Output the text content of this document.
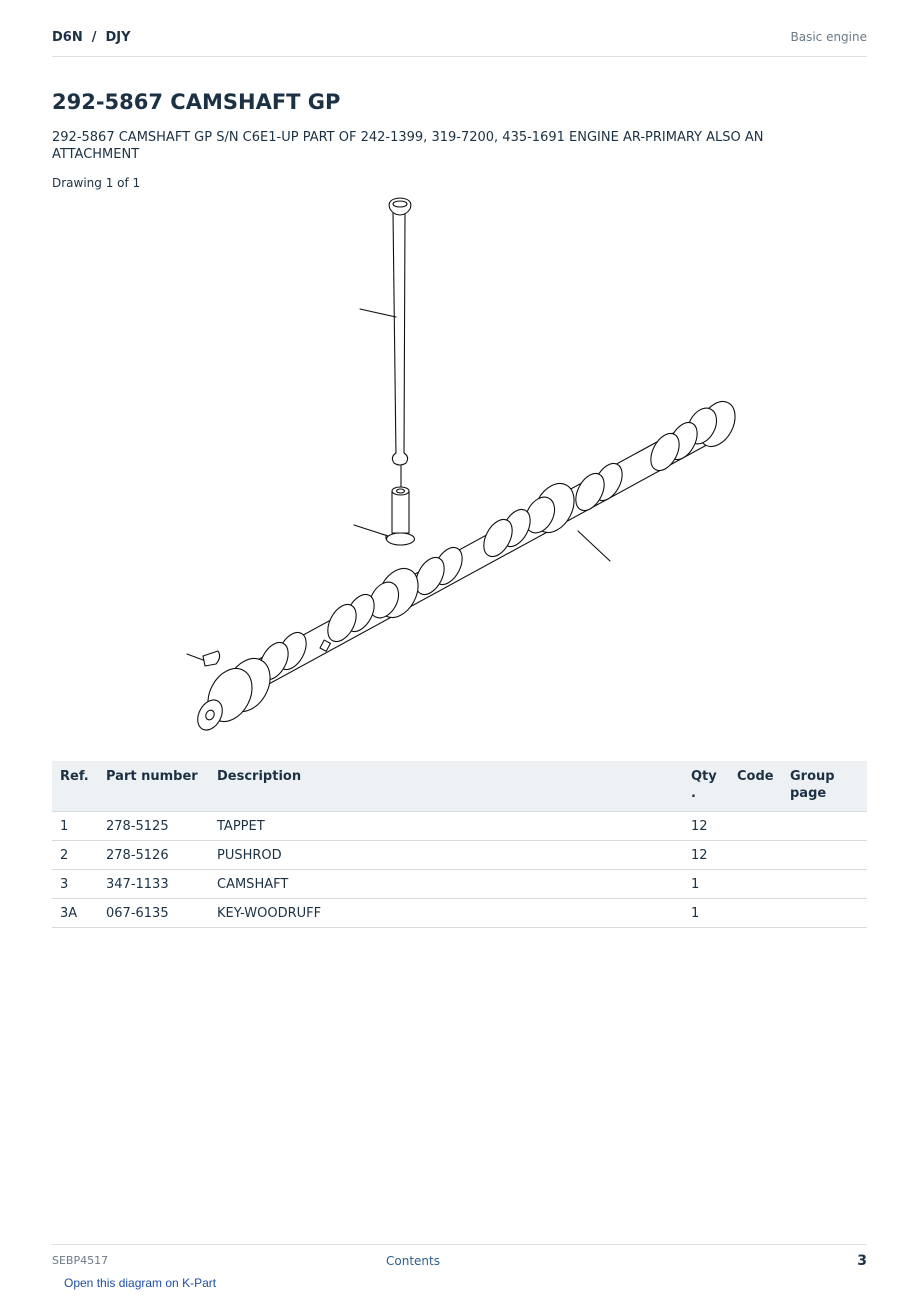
D6N / DJY	Basic engine
292-5867 CAMSHAFT GP
292-5867 CAMSHAFT GP S/N C6E1-UP PART OF 242-1399, 319-7200, 435-1691 ENGINE AR-PRIMARY ALSO AN ATTACHMENT
Drawing 1 of 1
Ref.	Part number	Description	Qty .	Code	Group page
1	278-5125	TAPPET	12		
2	278-5126	PUSHROD	12		
3	347-1133	CAMSHAFT	1		
3A	067-6135	KEY-WOODRUFF	1		
SEBP4517	Contents	3
Open this diagram on K-Part
